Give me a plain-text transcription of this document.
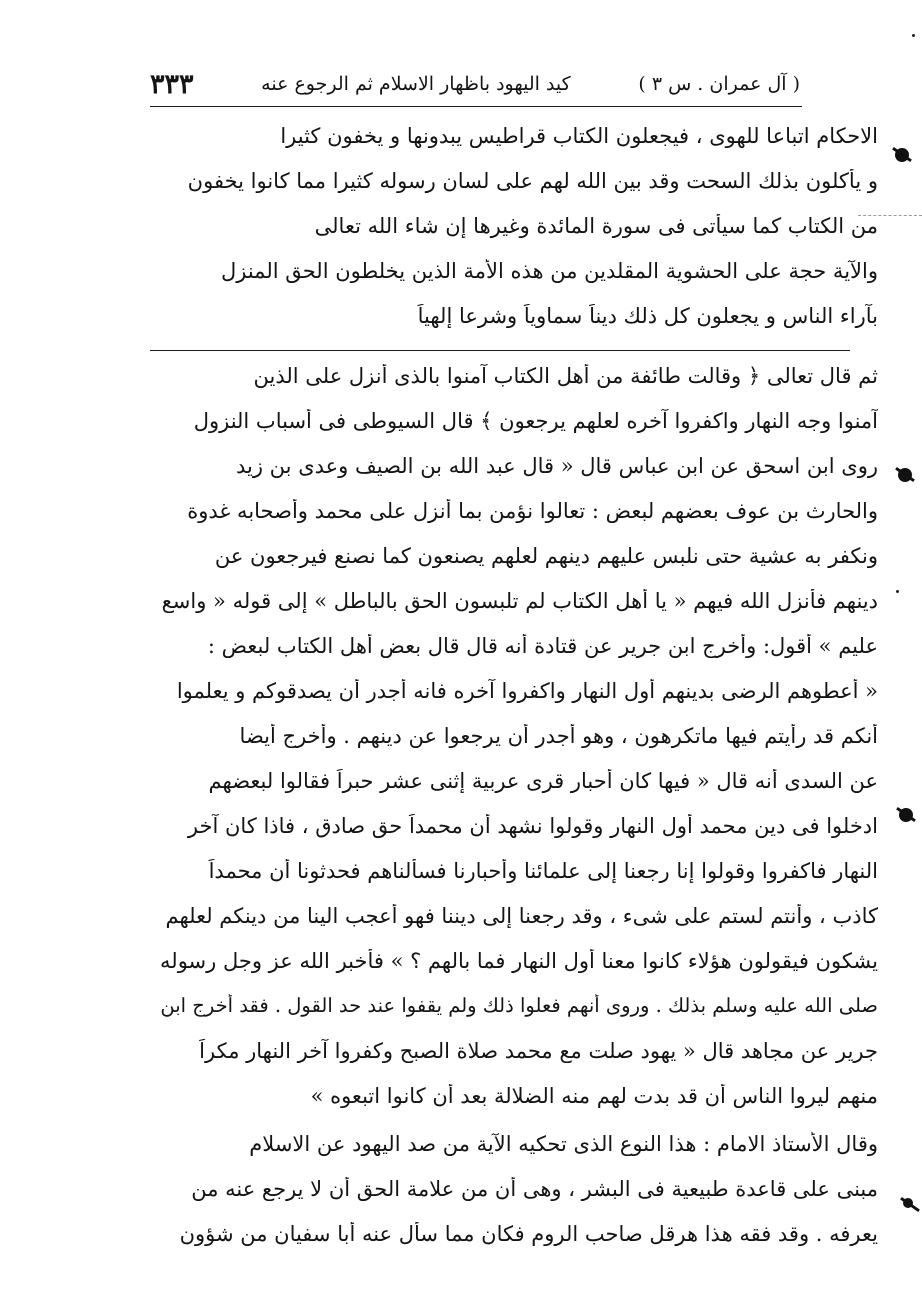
( آل عمران . س ٣ )
كيد اليهود باظهار الاسلام ثم الرجوع عنه
٣٣٣
الاحكام اتباعا للهوى ، فيجعلون الكتاب قراطيس يبدونها و يخفون كثيرا
و يأكلون بذلك السحت وقد بين الله لهم على لسان رسوله كثيرا مما كانوا يخفون
من الكتاب كما سيأتى فى سورة المائدة وغيرها إن شاء الله تعالى
والآية حجة على الحشوية المقلدين من هذه الأمة الذين يخلطون الحق المنزل
بآراء الناس و يجعلون كل ذلك ديناً سماوياً وشرعا إلهياً
ثم قال تعالى ﴿ وقالت طائفة من أهل الكتاب آمنوا بالذى أنزل على الذين
آمنوا وجه النهار واكفروا آخره لعلهم يرجعون ﴾ قال السيوطى فى أسباب النزول
روى ابن اسحق عن ابن عباس قال « قال عبد الله بن الصيف وعدى بن زيد
والحارث بن عوف بعضهم لبعض : تعالوا نؤمن بما أنزل على محمد وأصحابه غدوة
ونكفر به عشية حتى نلبس عليهم دينهم لعلهم يصنعون كما نصنع فيرجعون عن
دينهم فأنزل الله فيهم « يا أهل الكتاب لم تلبسون الحق بالباطل » إلى قوله « واسع
عليم » أقول: وأخرج ابن جرير عن قتادة أنه قال قال بعض أهل الكتاب لبعض :
« أعطوهم الرضى بدينهم أول النهار واكفروا آخره فانه أجدر أن يصدقوكم و يعلموا
أنكم قد رأيتم فيها ماتكرهون ، وهو أجدر أن يرجعوا عن دينهم . وأخرج أيضا
عن السدى أنه قال « فيها كان أحبار قرى عربية إثنى عشر حبراً فقالوا لبعضهم
ادخلوا فى دين محمد أول النهار وقولوا نشهد أن محمداً حق صادق ، فاذا كان آخر
النهار فاكفروا وقولوا إنا رجعنا إلى علمائنا وأحبارنا فسألناهم فحدثونا أن محمداً
كاذب ، وأنتم لستم على شىء ، وقد رجعنا إلى ديننا فهو أعجب الينا من دينكم لعلهم
يشكون فيقولون هؤلاء كانوا معنا أول النهار فما بالهم ؟ » فأخبر الله عز وجل رسوله
صلى الله عليه وسلم بذلك . وروى أنهم فعلوا ذلك ولم يقفوا عند حد القول . فقد أخرج ابن
جرير عن مجاهد قال « يهود صلت مع محمد صلاة الصبح وكفروا آخر النهار مكراً
منهم ليروا الناس أن قد بدت لهم منه الضلالة بعد أن كانوا اتبعوه »
وقال الأستاذ الامام : هذا النوع الذى تحكيه الآية من صد اليهود عن الاسلام
مبنى على قاعدة طبيعية فى البشر ، وهى أن من علامة الحق أن لا يرجع عنه من
يعرفه . وقد فقه هذا هرقل صاحب الروم فكان مما سأل عنه أبا سفيان من شؤون
